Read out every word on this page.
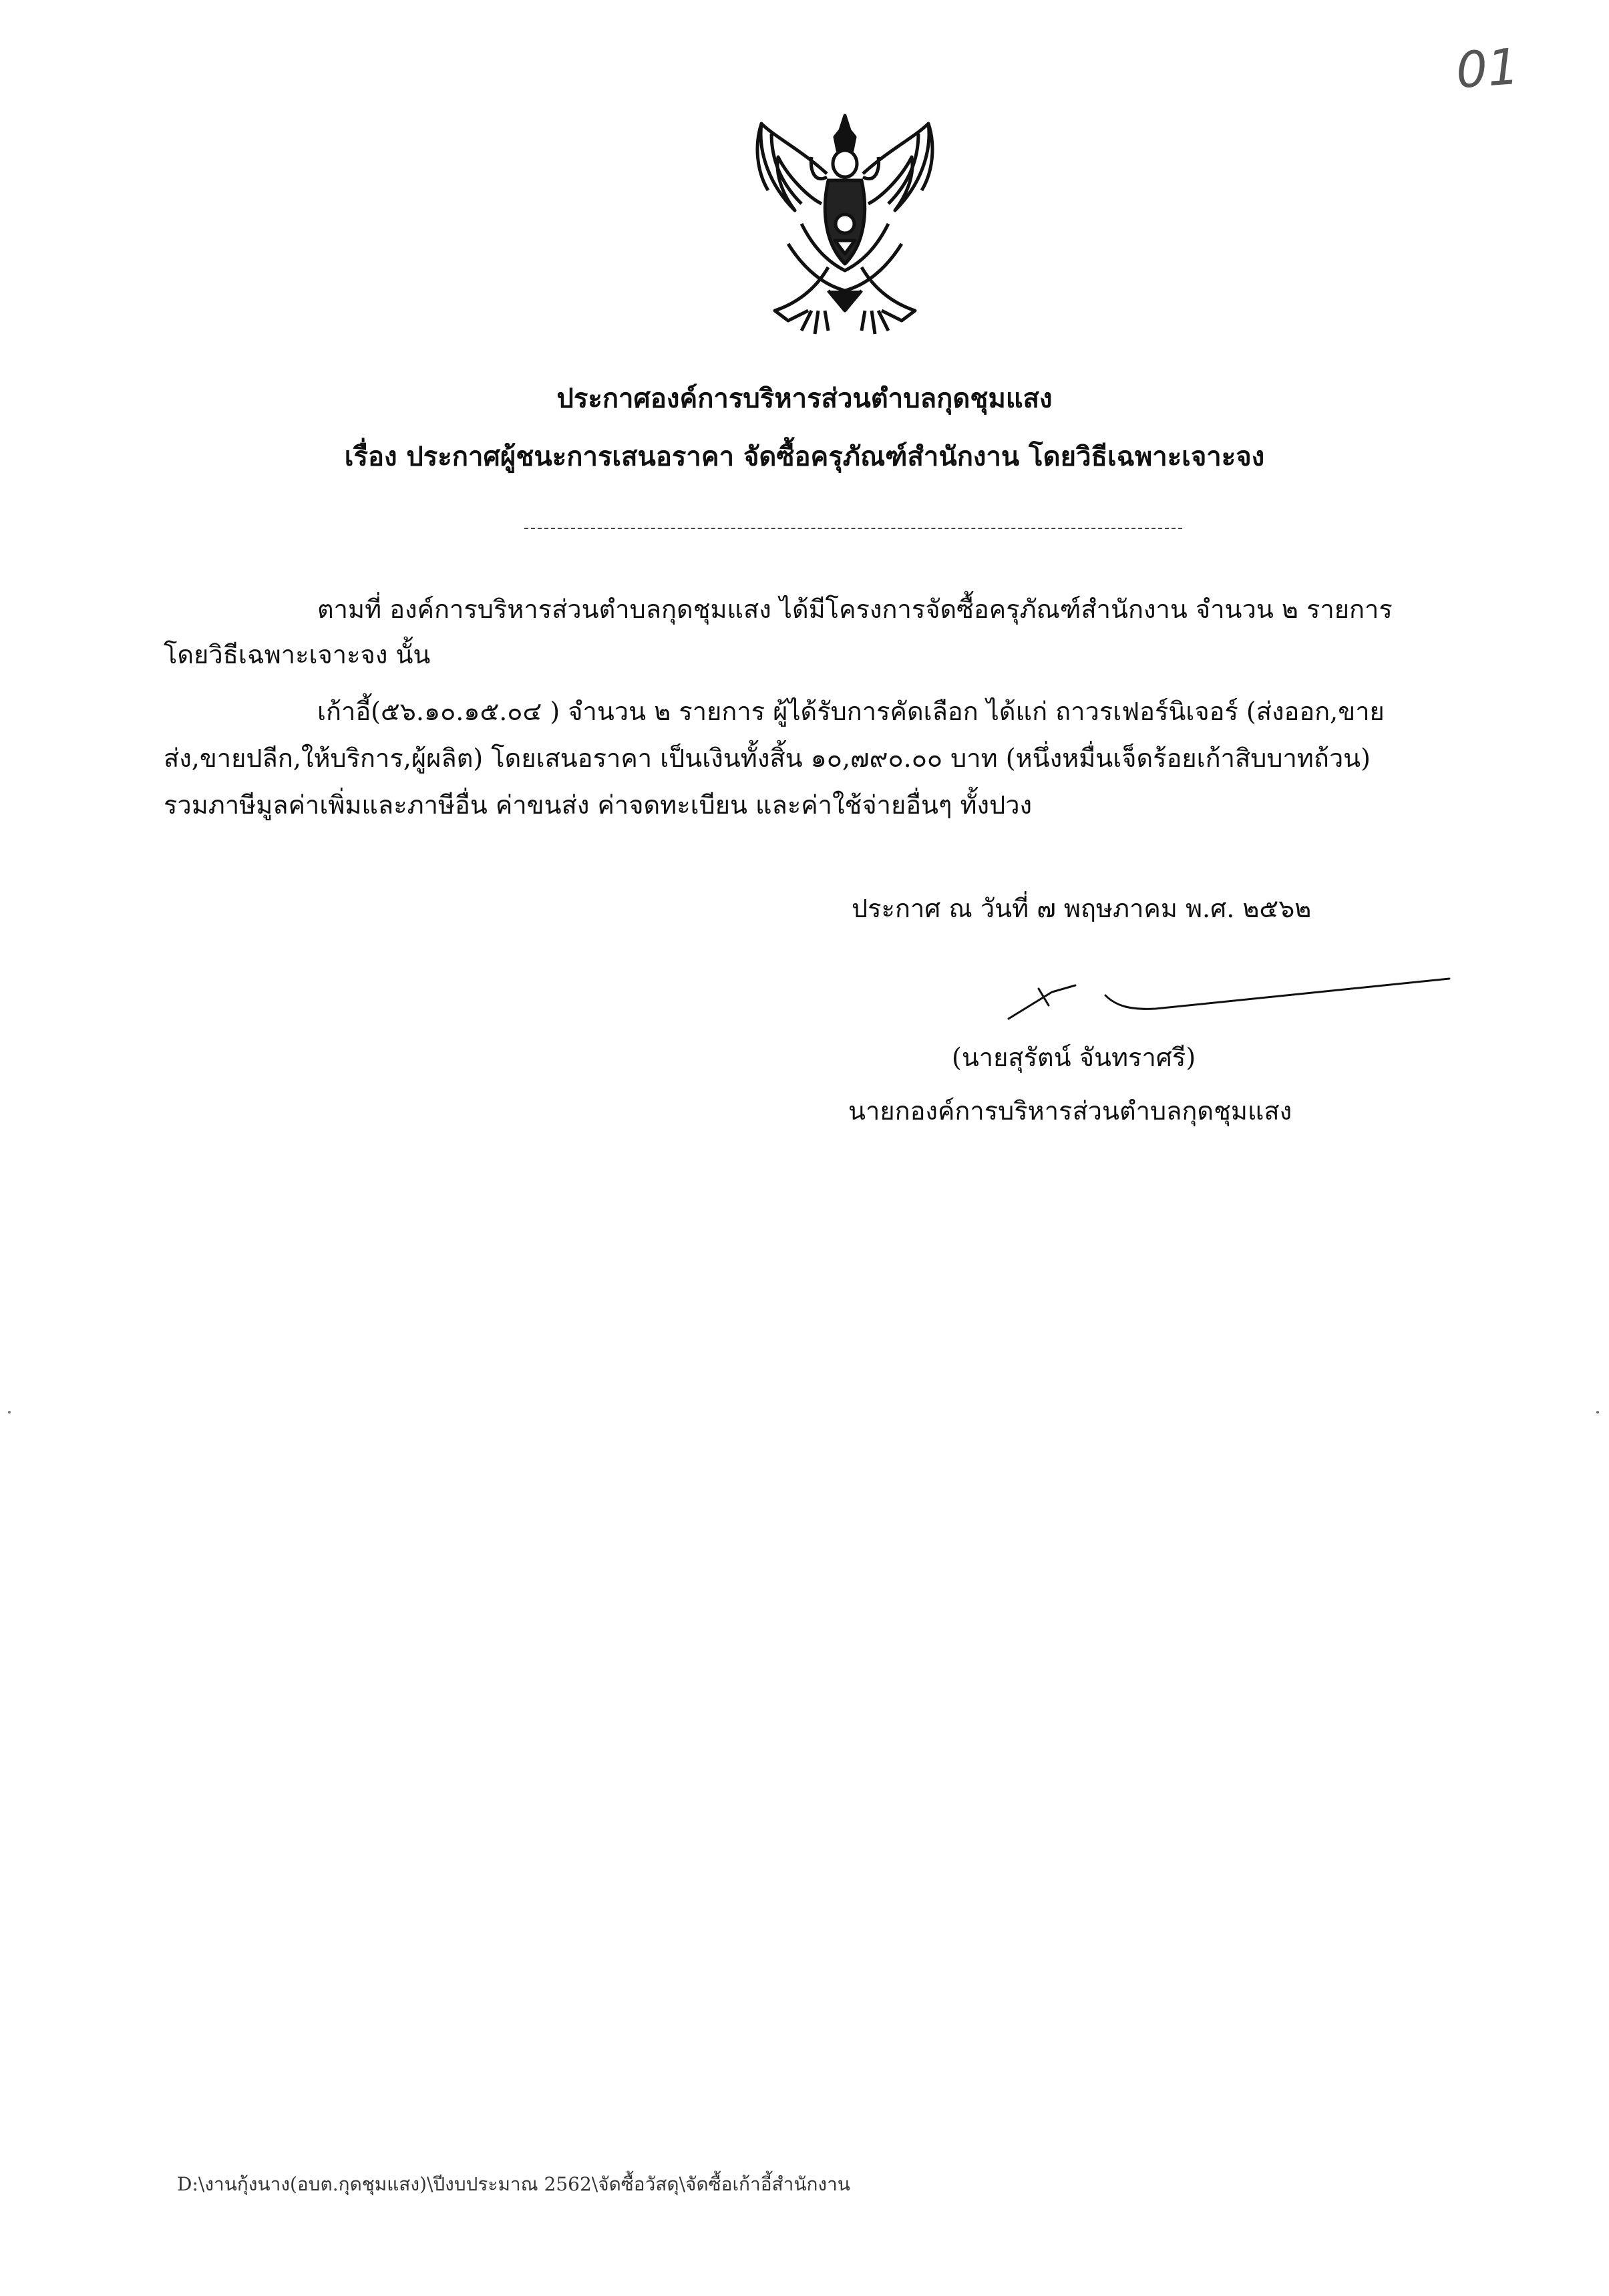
01
ประกาศองค์การบริหารส่วนตำบลกุดชุมแสง
เรื่อง ประกาศผู้ชนะการเสนอราคา จัดซื้อครุภัณฑ์สำนักงาน โดยวิธีเฉพาะเจาะจง
ตามที่ องค์การบริหารส่วนตำบลกุดชุมแสง ได้มีโครงการจัดซื้อครุภัณฑ์สำนักงาน จำนวน ๒ รายการ
โดยวิธีเฉพาะเจาะจง นั้น
เก้าอี้(๕๖.๑๐.๑๕.๐๔ ) จำนวน ๒ รายการ ผู้ได้รับการคัดเลือก ได้แก่ ถาวรเฟอร์นิเจอร์ (ส่งออก,ขาย
ส่ง,ขายปลีก,ให้บริการ,ผู้ผลิต) โดยเสนอราคา เป็นเงินทั้งสิ้น ๑๐,๗๙๐.๐๐ บาท (หนึ่งหมื่นเจ็ดร้อยเก้าสิบบาทถ้วน)
รวมภาษีมูลค่าเพิ่มและภาษีอื่น ค่าขนส่ง ค่าจดทะเบียน และค่าใช้จ่ายอื่นๆ ทั้งปวง
ประกาศ ณ วันที่ ๗ พฤษภาคม พ.ศ. ๒๕๖๒
(นายสุรัตน์ จันทราศรี)
นายกองค์การบริหารส่วนตำบลกุดชุมแสง
D:\งานกุ้งนาง(อบต.กุดชุมแสง)\ปีงบประมาณ 2562\จัดซื้อวัสดุ\จัดซื้อเก้าอี้สำนักงาน
